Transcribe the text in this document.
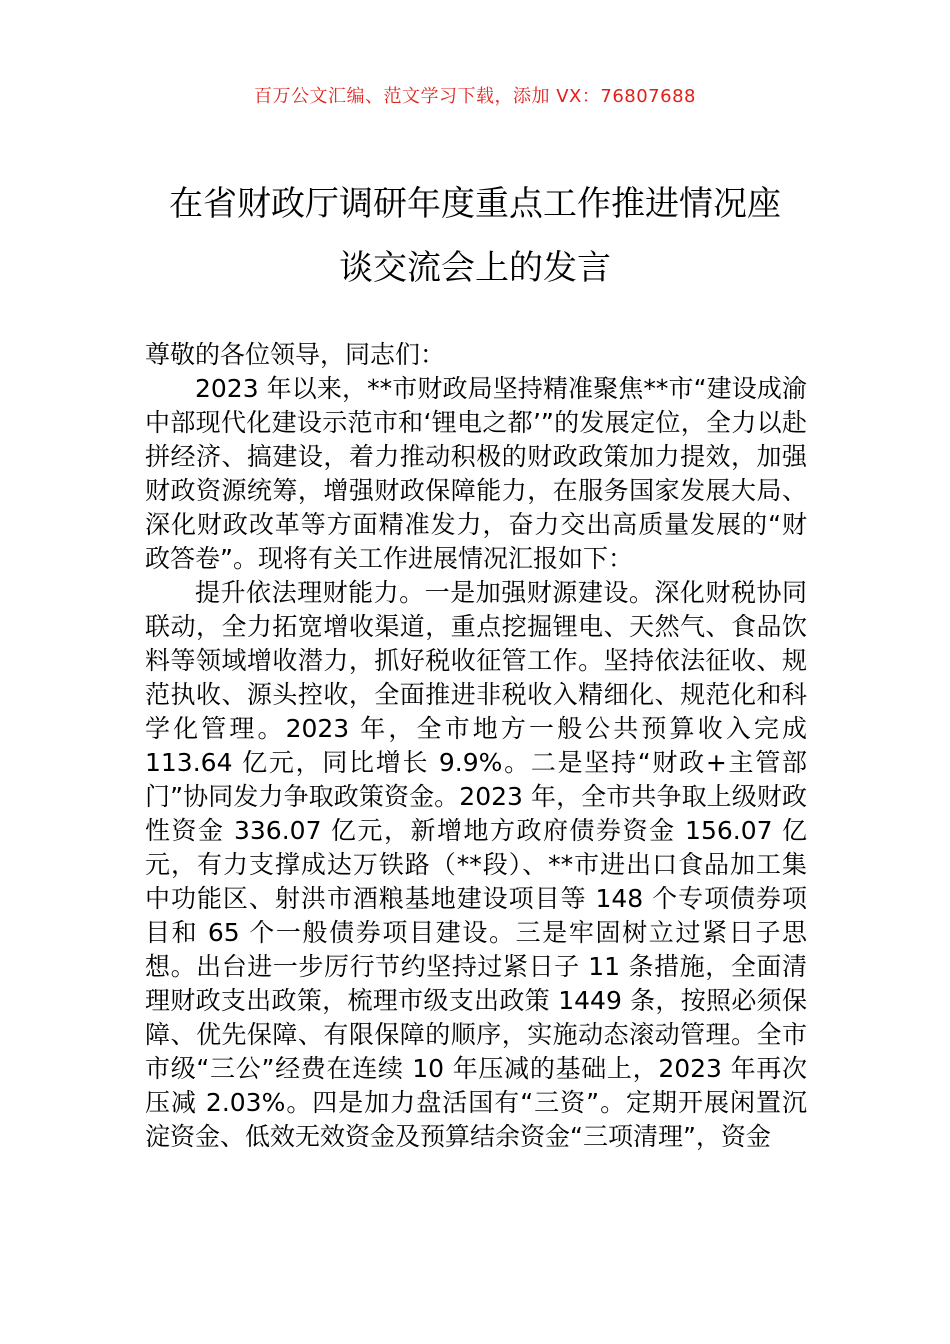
百万公文汇编、范文学习下载，添加 VX：76807688
在省财政厅调研年度重点工作推进情况座
谈交流会上的发言

尊敬的各位领导，同志们：

2023 年以来，**市财政局坚持精准聚焦**市“建设成渝中部现代化建设示范市和‘锂电之都’”的发展定位，全力以赴拼经济、搞建设，着力推动积极的财政政策加力提效，加强财政资源统筹，增强财政保障能力，在服务国家发展大局、深化财政改革等方面精准发力，奋力交出高质量发展的“财政答卷”。现将有关工作进展情况汇报如下：

提升依法理财能力。一是加强财源建设。深化财税协同联动，全力拓宽增收渠道，重点挖掘锂电、天然气、食品饮料等领域增收潜力，抓好税收征管工作。坚持依法征收、规范执收、源头控收，全面推进非税收入精细化、规范化和科学化管理。2023 年，全市地方一般公共预算收入完成 113.64 亿元，同比增长 9.9%。二是坚持“财政+主管部门”协同发力争取政策资金。2023 年，全市共争取上级财政性资金 336.07 亿元，新增地方政府债券资金 156.07 亿元，有力支撑成达万铁路（**段）、**市进出口食品加工集中功能区、射洪市酒粮基地建设项目等 148 个专项债券项目和 65 个一般债券项目建设。三是牢固树立过紧日子思想。出台进一步厉行节约坚持过紧日子 11 条措施，全面清理财政支出政策，梳理市级支出政策 1449 条，按照必须保障、优先保障、有限保障的顺序，实施动态滚动管理。全市市级“三公”经费在连续 10 年压减的基础上，2023 年再次压减 2.03%。四是加力盘活国有“三资”。定期开展闲置沉淀资金、低效无效资金及预算结余资金“三项清理”，资金
